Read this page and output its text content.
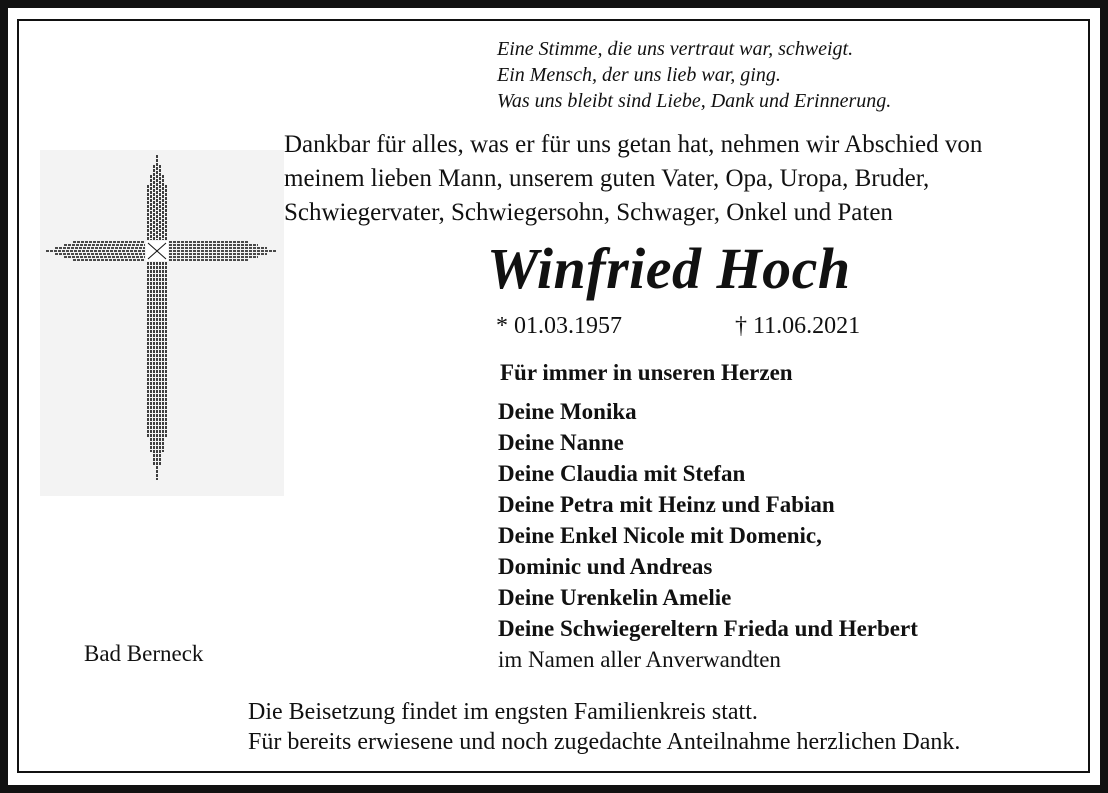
Eine Stimme, die uns vertraut war, schweigt.
Ein Mensch, der uns lieb war, ging.
Was uns bleibt sind Liebe, Dank und Erinnerung.
Dankbar für alles, was er für uns getan hat, nehmen wir Abschied von
meinem lieben Mann, unserem guten Vater, Opa, Uropa, Bruder,
Schwiegervater, Schwiegersohn, Schwager, Onkel und Paten
Winfried Hoch
* 01.03.1957	† 11.06.2021
Für immer in unseren Herzen
Deine Monika
Deine Nanne
Deine Claudia mit Stefan
Deine Petra mit Heinz und Fabian
Deine Enkel Nicole mit Domenic,
Dominic und Andreas
Deine Urenkelin Amelie
Deine Schwiegereltern Frieda und Herbert
im Namen aller Anverwandten
Bad Berneck
Die Beisetzung findet im engsten Familienkreis statt.
Für bereits erwiesene und noch zugedachte Anteilnahme herzlichen Dank.
